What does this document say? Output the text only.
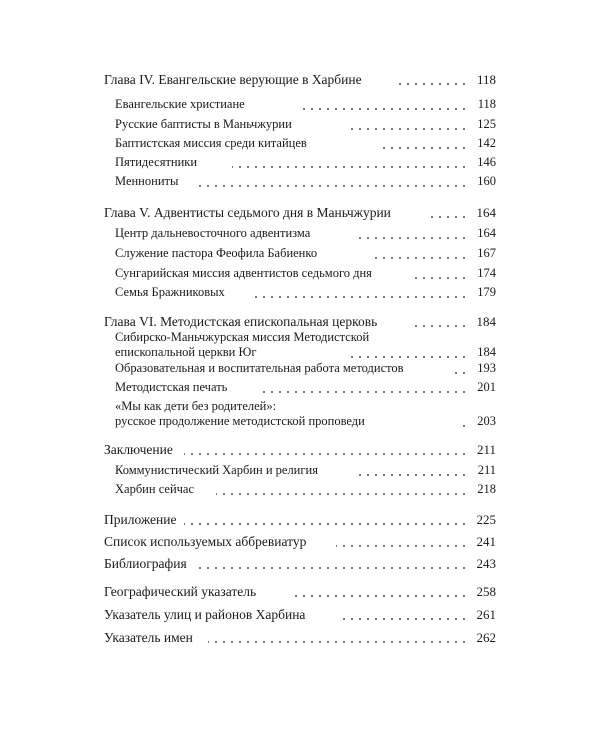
Глава IV. Евангельские верующие в Харбине	118
Евангельские христиане	118
Русские баптисты в Маньчжурии	125
Баптистская миссия среди китайцев	142
Пятидесятники	146
Меннониты	160
Глава V. Адвентисты седьмого дня в Маньчжурии	164
Центр дальневосточного адвентизма	164
Служение пастора Феофила Бабиенко	167
Сунгарийская миссия адвентистов седьмого дня	174
Семья Бражниковых	179
Глава VI. Методистская епископальная церковь	184
Сибирско-Маньчжурская миссия Методистской
епископальной церкви Юг	184
Образовательная и воспитательная работа методистов	193
Методистская печать	201
«Мы как дети без родителей»:
русское продолжение методистской проповеди	203
Заключение	211
Коммунистический Харбин и религия	211
Харбин сейчас	218
Приложение	225
Список используемых аббревиатур	241
Библиография	243
Географический указатель	258
Указатель улиц и районов Харбина	261
Указатель имен	262
